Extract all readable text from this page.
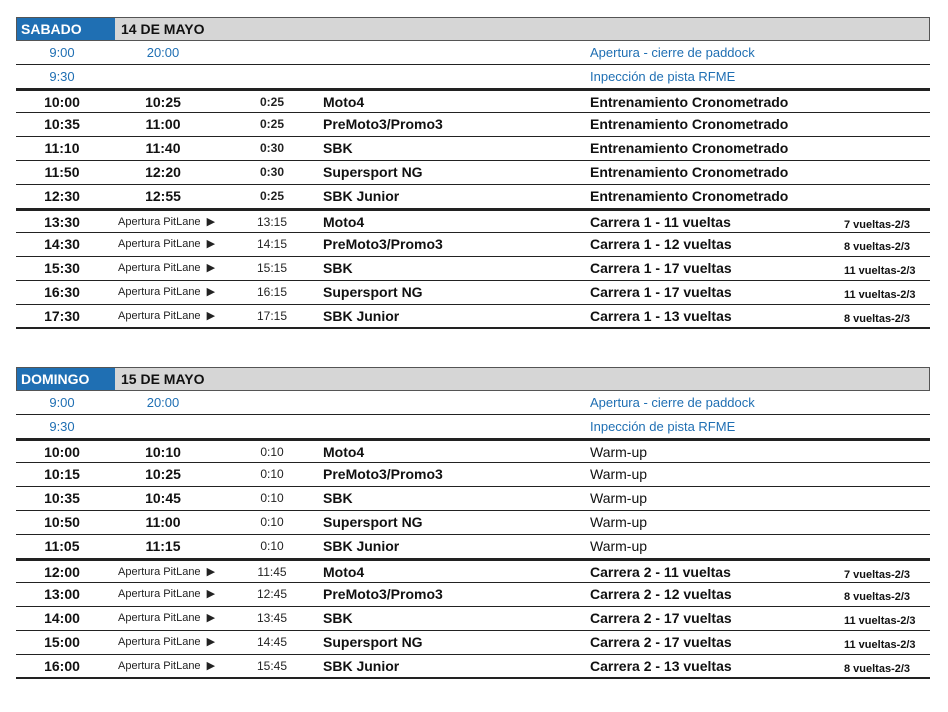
SABADO	14 DE MAYO
9:00	20:00	Apertura - cierre de paddock
9:30	Inpección de pista RFME
10:00	10:25	0:25	Moto4	Entrenamiento Cronometrado
10:35	11:00	0:25	PreMoto3/Promo3	Entrenamiento Cronometrado
11:10	11:40	0:30	SBK	Entrenamiento Cronometrado
11:50	12:20	0:30	Supersport NG	Entrenamiento Cronometrado
12:30	12:55	0:25	SBK Junior	Entrenamiento Cronometrado
13:30	Apertura PitLane ▶	13:15	Moto4	Carrera 1 - 11 vueltas	7 vueltas-2/3
14:30	Apertura PitLane ▶	14:15	PreMoto3/Promo3	Carrera 1 - 12 vueltas	8 vueltas-2/3
15:30	Apertura PitLane ▶	15:15	SBK	Carrera 1 - 17 vueltas	11 vueltas-2/3
16:30	Apertura PitLane ▶	16:15	Supersport NG	Carrera 1 - 17 vueltas	11 vueltas-2/3
17:30	Apertura PitLane ▶	17:15	SBK Junior	Carrera 1 - 13 vueltas	8 vueltas-2/3
DOMINGO	15 DE MAYO
9:00	20:00	Apertura - cierre de paddock
9:30	Inpección de pista RFME
10:00	10:10	0:10	Moto4	Warm-up
10:15	10:25	0:10	PreMoto3/Promo3	Warm-up
10:35	10:45	0:10	SBK	Warm-up
10:50	11:00	0:10	Supersport NG	Warm-up
11:05	11:15	0:10	SBK Junior	Warm-up
12:00	Apertura PitLane ▶	11:45	Moto4	Carrera 2 - 11 vueltas	7 vueltas-2/3
13:00	Apertura PitLane ▶	12:45	PreMoto3/Promo3	Carrera 2 - 12 vueltas	8 vueltas-2/3
14:00	Apertura PitLane ▶	13:45	SBK	Carrera 2 - 17 vueltas	11 vueltas-2/3
15:00	Apertura PitLane ▶	14:45	Supersport NG	Carrera 2 - 17 vueltas	11 vueltas-2/3
16:00	Apertura PitLane ▶	15:45	SBK Junior	Carrera 2 - 13 vueltas	8 vueltas-2/3
